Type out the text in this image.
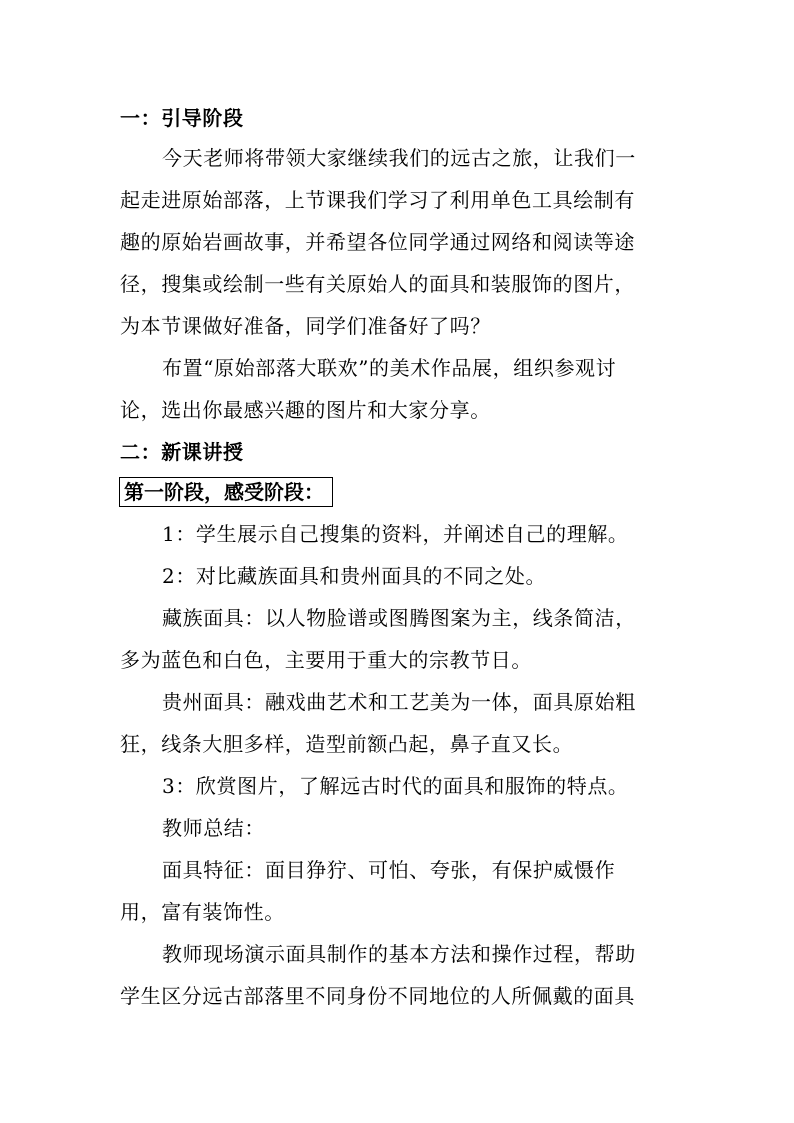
一：引导阶段
今天老师将带领大家继续我们的远古之旅，让我们一
起走进原始部落，上节课我们学习了利用单色工具绘制有
趣的原始岩画故事，并希望各位同学通过网络和阅读等途
径，搜集或绘制一些有关原始人的面具和装服饰的图片，
为本节课做好准备，同学们准备好了吗？
布置“原始部落大联欢”的美术作品展，组织参观讨
论，选出你最感兴趣的图片和大家分享。
二：新课讲授
第一阶段，感受阶段：
1：学生展示自己搜集的资料，并阐述自己的理解。
2：对比藏族面具和贵州面具的不同之处。
藏族面具：以人物脸谱或图腾图案为主，线条简洁，
多为蓝色和白色，主要用于重大的宗教节日。
贵州面具：融戏曲艺术和工艺美为一体，面具原始粗
狂，线条大胆多样，造型前额凸起，鼻子直又长。
3：欣赏图片，了解远古时代的面具和服饰的特点。
教师总结：
面具特征：面目狰狞、可怕、夸张，有保护威慑作
用，富有装饰性。
教师现场演示面具制作的基本方法和操作过程，帮助
学生区分远古部落里不同身份不同地位的人所佩戴的面具
